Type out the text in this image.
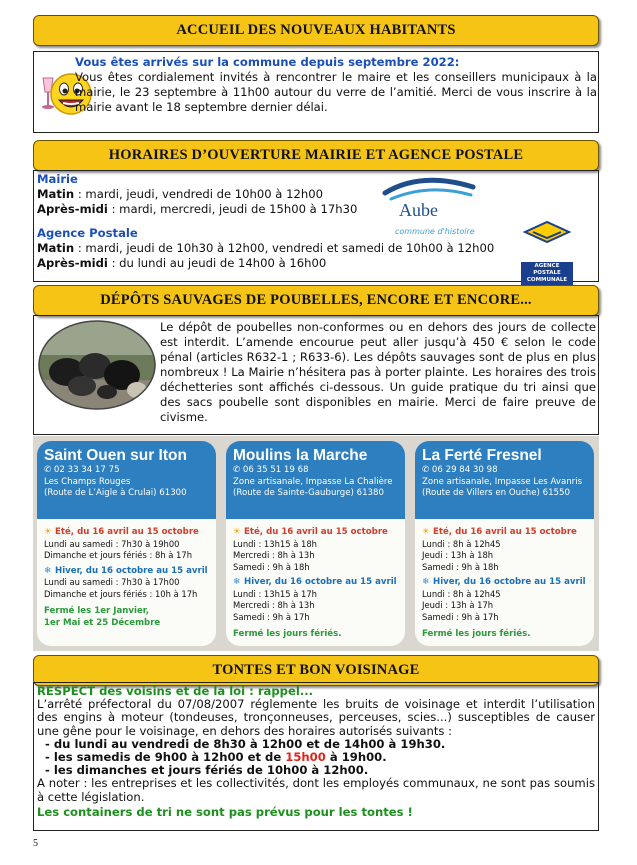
ACCUEIL DES NOUVEAUX HABITANTS
Vous êtes arrivés sur la commune depuis septembre 2022:
Vous êtes cordialement invités à rencontrer le maire et les conseillers municipaux à la mairie, le 23 septembre à 11h00 autour du verre de l’amitié. Merci de vous inscrire à la mairie avant le 18 septembre dernier délai.
HORAIRES D’OUVERTURE MAIRIE ET AGENCE POSTALE
Mairie
Matin : mardi, jeudi, vendredi de 10h00 à 12h00
Après-midi : mardi, mercredi, jeudi de 15h00 à 17h30
Agence Postale
Matin : mardi, jeudi de 10h30 à 12h00, vendredi et samedi de 10h00 à 12h00
Après-midi : du lundi au jeudi de 14h00 à 16h00
Aube
commune d'histoire
AGENCE POSTALE
COMMUNALE
DÉPÔTS SAUVAGES DE POUBELLES, ENCORE ET ENCORE...
Le dépôt de poubelles non-conformes ou en dehors des jours de collecte est interdit. L’amende encourue peut aller jusqu’à 450 € selon le code pénal (articles R632-1 ; R633-6). Les dépôts sauvages sont de plus en plus nombreux ! La Mairie n’hésitera pas à porter plainte. Les horaires des trois déchetteries sont affichés ci-dessous. Un guide pratique du tri ainsi que des sacs poubelle sont disponibles en mairie. Merci de faire preuve de civisme.
Saint Ouen sur Iton
✆ 02 33 34 17 75
Les Champs Rouges
(Route de L’Aigle à Crulai) 61300
☀ Eté, du 16 avril au 15 octobre
Lundi au samedi : 7h30 à 19h00
Dimanche et jours fériés : 8h à 17h
❄ Hiver, du 16 octobre au 15 avril
Lundi au samedi : 7h30 à 17h00
Dimanche et jours fériés : 10h à 17h
Fermé les 1er Janvier,
1er Mai et 25 Décembre
Moulins la Marche
✆ 06 35 51 19 68
Zone artisanale, Impasse La Chalière
(Route de Sainte-Gauburge) 61380
☀ Eté, du 16 avril au 15 octobre
Lundi : 13h15 à 18h
Mercredi : 8h à 13h
Samedi : 9h à 18h
❄ Hiver, du 16 octobre au 15 avril
Lundi : 13h15 à 17h
Mercredi : 8h à 13h
Samedi : 9h à 17h
Fermé les jours fériés.
La Ferté Fresnel
✆ 06 29 84 30 98
Zone artisanale, Impasse Les Avanris
(Route de Villers en Ouche) 61550
☀ Eté, du 16 avril au 15 octobre
Lundi : 8h à 12h45
Jeudi : 13h à 18h
Samedi : 9h à 18h
❄ Hiver, du 16 octobre au 15 avril
Lundi : 8h à 12h45
Jeudi : 13h à 17h
Samedi : 9h à 17h
Fermé les jours fériés.
TONTES ET BON VOISINAGE
RESPECT des voisins et de la loi : rappel...
L’arrêté préfectoral du 07/08/2007 réglemente les bruits de voisinage et interdit l’utilisation des engins à moteur (tondeuses, tronçonneuses, perceuses, scies...) susceptibles de causer une gêne pour le voisinage, en dehors des horaires autorisés suivants :
- du lundi au vendredi de 8h30 à 12h00 et de 14h00 à 19h30.
- les samedis de 9h00 à 12h00 et de 15h00 à 19h00.
- les dimanches et jours fériés de 10h00 à 12h00.
A noter : les entreprises et les collectivités, dont les employés communaux, ne sont pas soumis à cette législation.
Les containers de tri ne sont pas prévus pour les tontes !
5
